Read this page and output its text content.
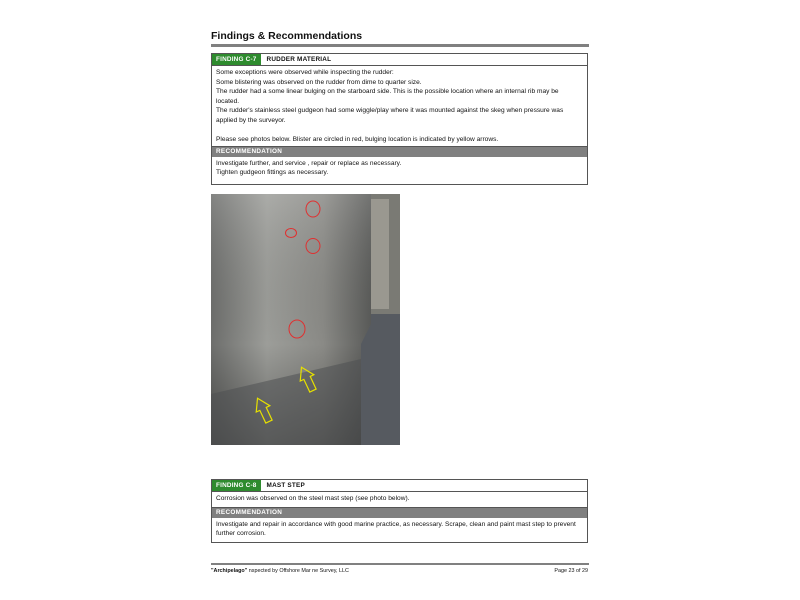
Findings & Recommendations
FINDING C-7	RUDDER MATERIAL

Some exceptions were observed while inspecting the rudder:

Some blistering was observed on the rudder from dime to quarter size.

The rudder had a some linear bulging on the starboard side. This is the possible location where an internal rib may be located.

The rudder's stainless steel gudgeon had some wiggle/play where it was mounted against the skeg when pressure was applied by the surveyor.

Please see photos below. Blister are circled in red, bulging location is indicated by yellow arrows.

RECOMMENDATION

Investigate further, and service , repair or replace as necessary.

Tighten gudgeon fittings as necessary.

FINDING C-8	MAST STEP

Corrosion was observed on the steel mast step (see photo below).

RECOMMENDATION

Investigate and repair in accordance with good marine practice, as necessary. Scrape, clean and paint mast step to prevent further corrosion.

"Archipelago" nspected by Offshore Mar ne Survey, LLC	Page 23 of 29
